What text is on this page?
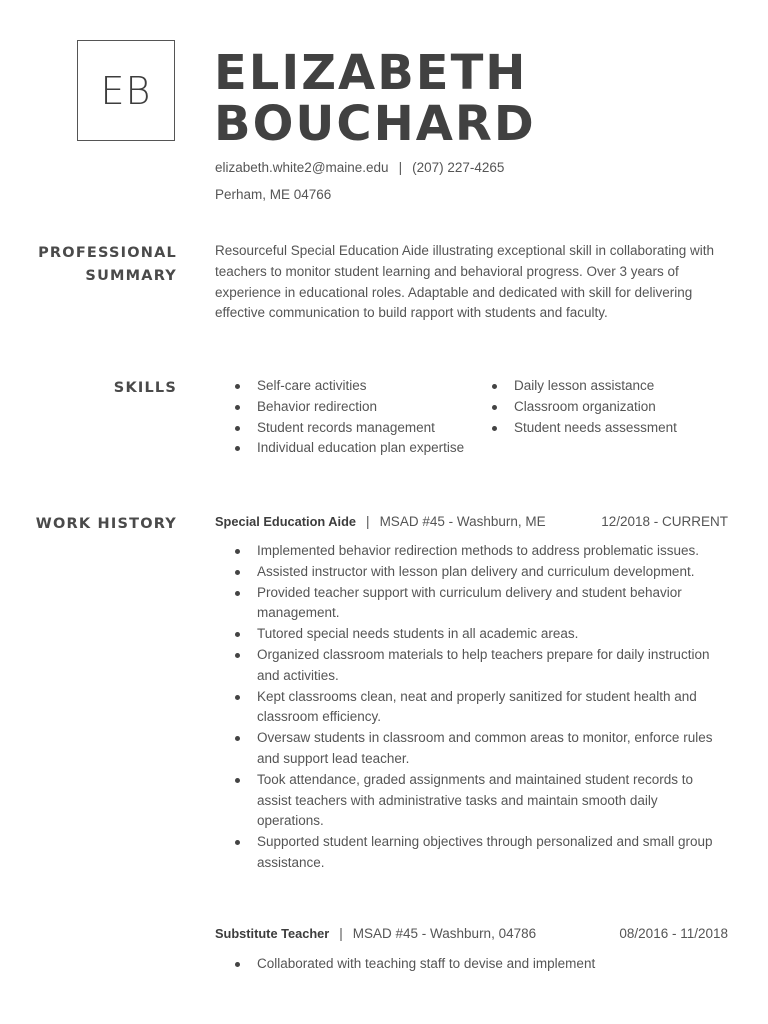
EB ELIZABETH
BOUCHARD
elizabeth.white2@maine.edu | (207) 227-4265
Perham, ME 04766
PROFESSIONAL
SUMMARY
Resourceful Special Education Aide illustrating exceptional skill in collaborating with teachers to monitor student learning and behavioral progress. Over 3 years of experience in educational roles. Adaptable and dedicated with skill for delivering effective communication to build rapport with students and faculty.
SKILLS	Self-care activities
Behavior redirection
Student records management
Individual education plan expertise
Daily lesson assistance
Classroom organization
Student needs assessment
WORK HISTORY	Special Education Aide | MSAD #45 - Washburn, ME	12/2018 - CURRENT
Implemented behavior redirection methods to address problematic issues.
Assisted instructor with lesson plan delivery and curriculum development.
Provided teacher support with curriculum delivery and student behavior management.
Tutored special needs students in all academic areas.
Organized classroom materials to help teachers prepare for daily instruction and activities.
Kept classrooms clean, neat and properly sanitized for student health and classroom efficiency.
Oversaw students in classroom and common areas to monitor, enforce rules and support lead teacher.
Took attendance, graded assignments and maintained student records to assist teachers with administrative tasks and maintain smooth daily operations.
Supported student learning objectives through personalized and small group assistance.
Substitute Teacher | MSAD #45 - Washburn, 04786	08/2016 - 11/2018
Collaborated with teaching staff to devise and implement
